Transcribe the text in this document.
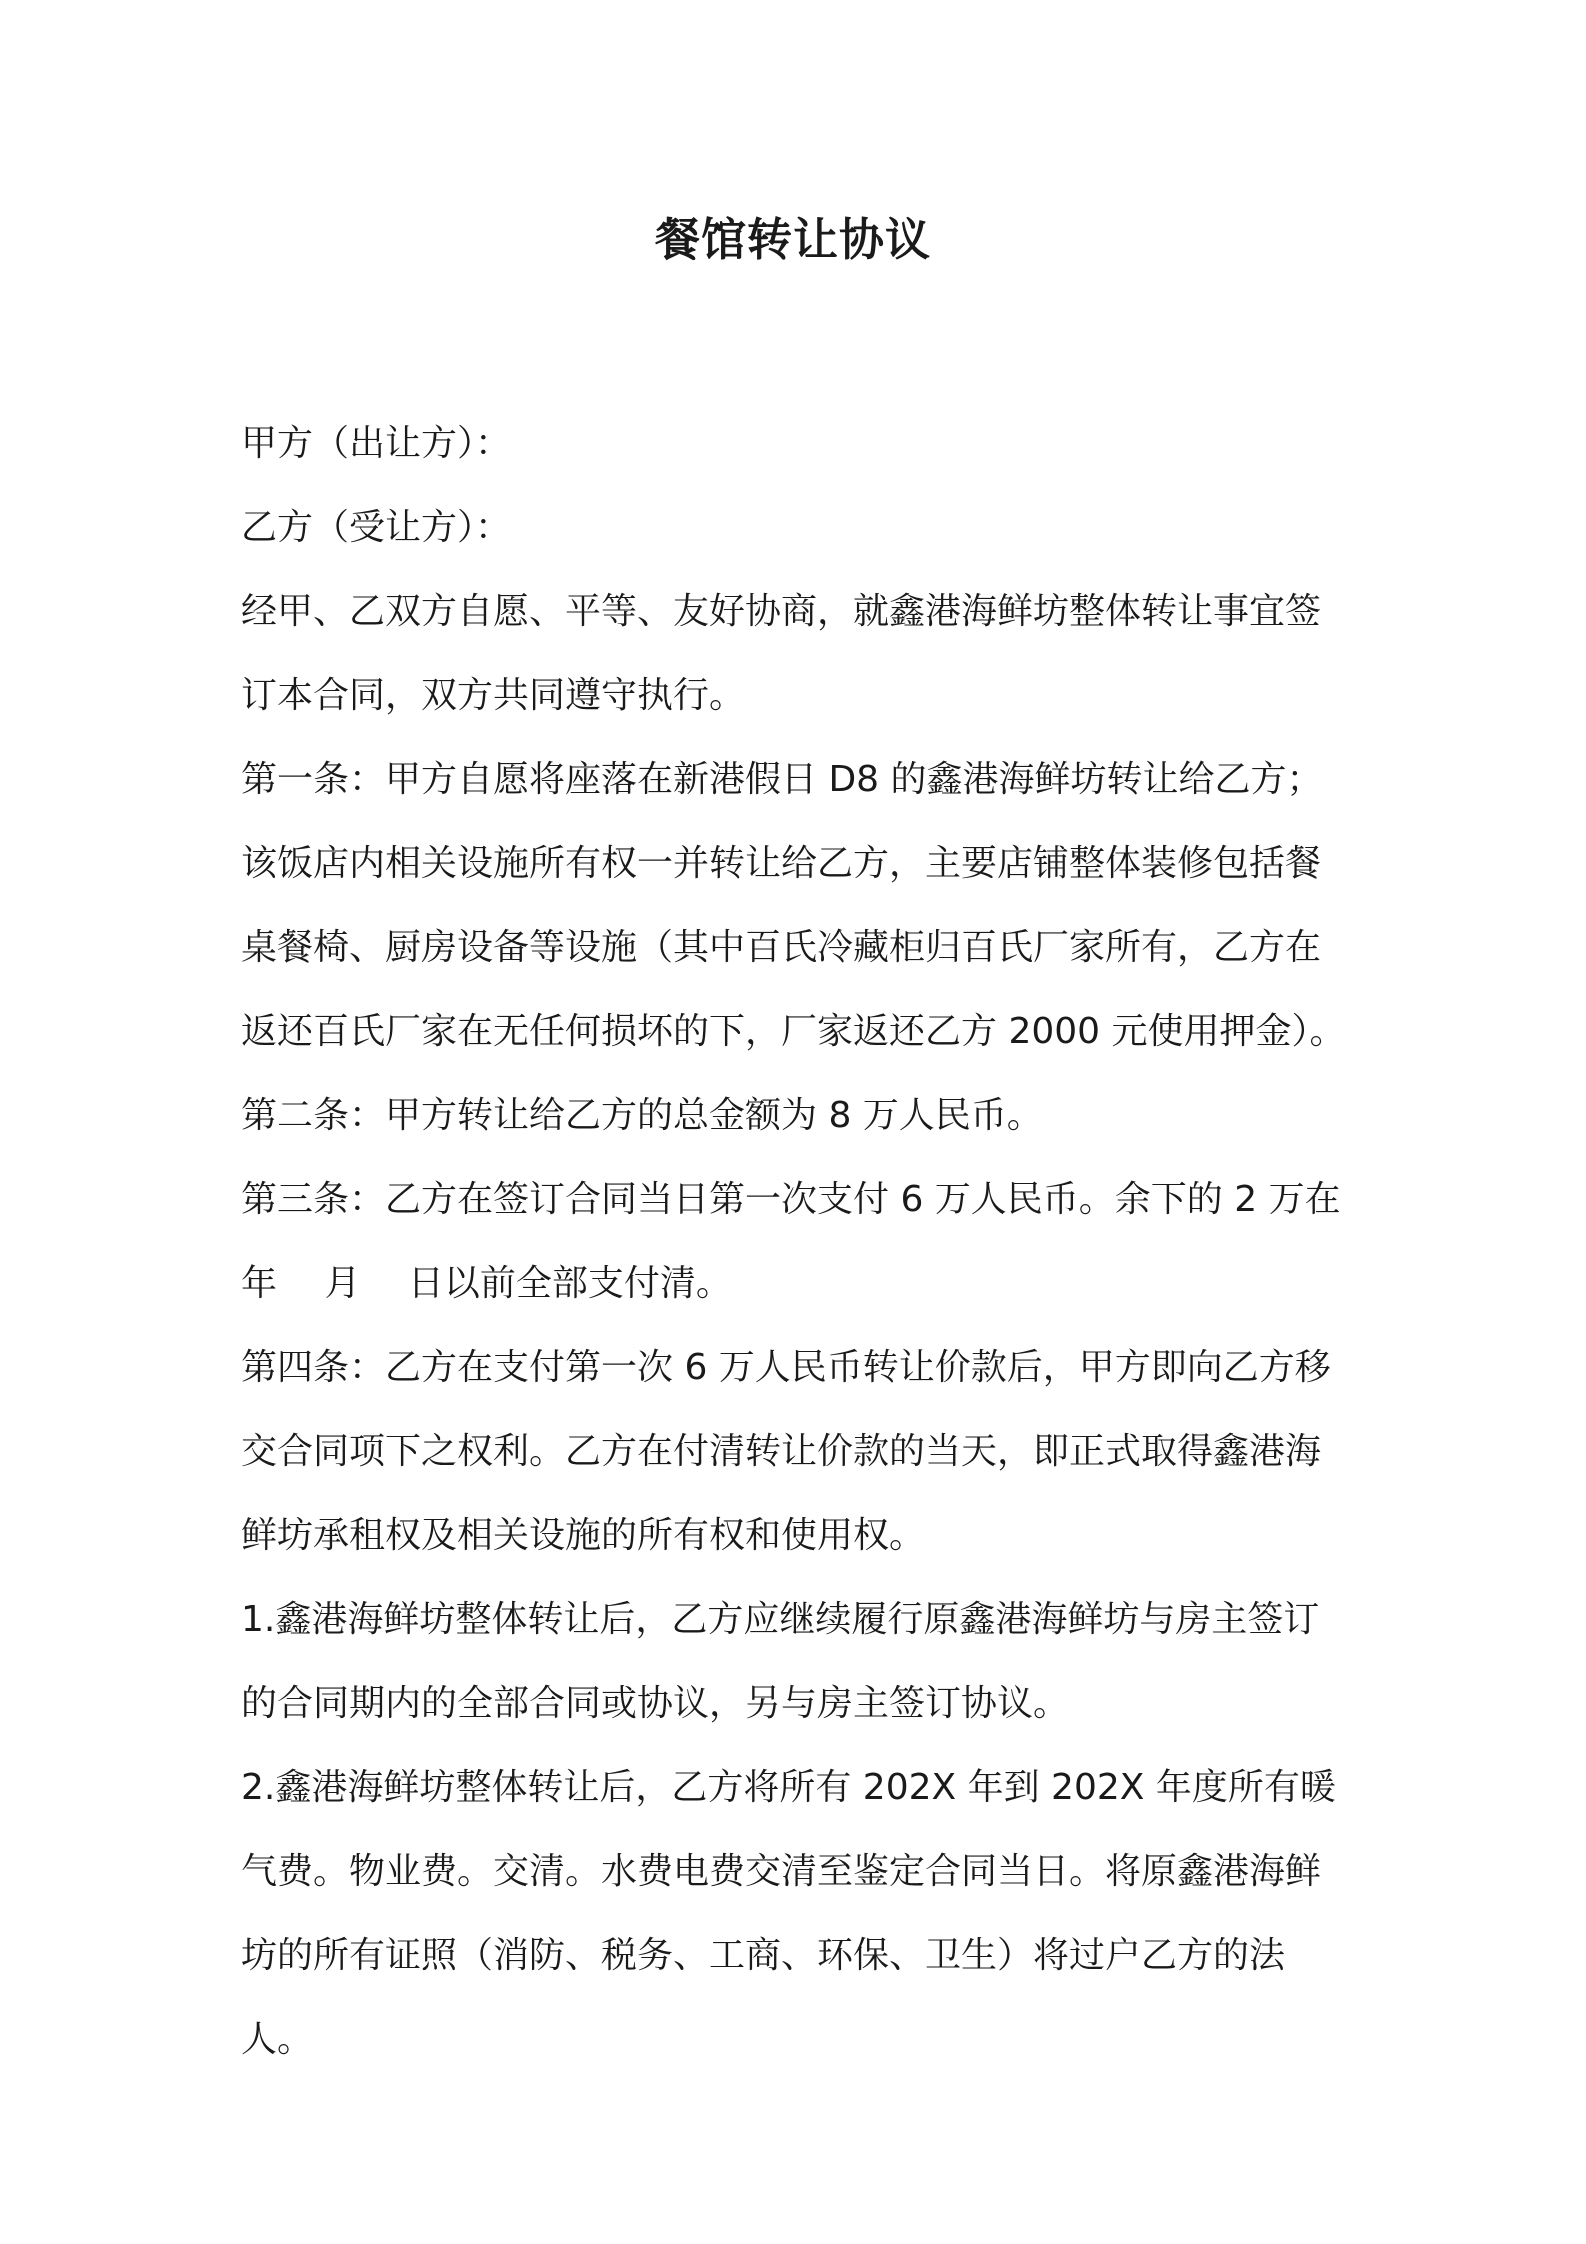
餐馆转让协议
甲方（出让方）：
乙方（受让方）：
经甲、乙双方自愿、平等、友好协商，就鑫港海鲜坊整体转让事宜签
订本合同，双方共同遵守执行。
第一条：甲方自愿将座落在新港假日 D8 的鑫港海鲜坊转让给乙方；
该饭店内相关设施所有权一并转让给乙方，主要店铺整体装修包括餐
桌餐椅、厨房设备等设施（其中百氏冷藏柜归百氏厂家所有，乙方在
返还百氏厂家在无任何损坏的下，厂家返还乙方 2000 元使用押金）。
第二条：甲方转让给乙方的总金额为 8 万人民币。
第三条：乙方在签订合同当日第一次支付 6 万人民币。余下的 2 万在
年　 月　 日以前全部支付清。
第四条：乙方在支付第一次 6 万人民币转让价款后，甲方即向乙方移
交合同项下之权利。乙方在付清转让价款的当天，即正式取得鑫港海
鲜坊承租权及相关设施的所有权和使用权。
1.鑫港海鲜坊整体转让后，乙方应继续履行原鑫港海鲜坊与房主签订
的合同期内的全部合同或协议，另与房主签订协议。
2.鑫港海鲜坊整体转让后，乙方将所有 202X 年到 202X 年度所有暖
气费。物业费。交清。水费电费交清至鉴定合同当日。将原鑫港海鲜
坊的所有证照（消防、税务、工商、环保、卫生）将过户乙方的法人。
